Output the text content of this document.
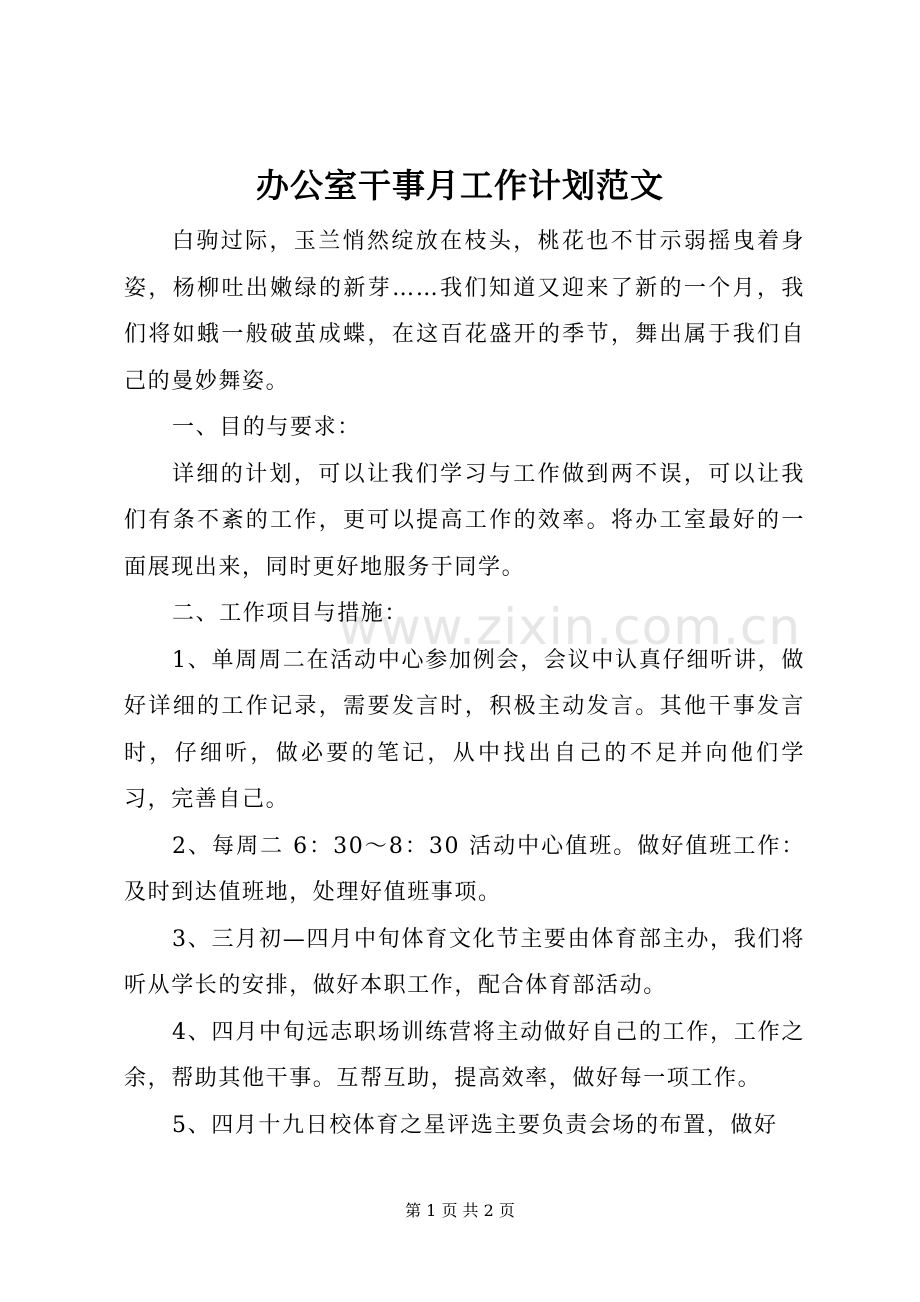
www.zixin.com.cn
办公室干事月工作计划范文

白驹过际，玉兰悄然绽放在枝头，桃花也不甘示弱摇曳着身姿，杨柳吐出嫩绿的新芽……我们知道又迎来了新的一个月，我们将如蛾一般破茧成蝶，在这百花盛开的季节，舞出属于我们自己的曼妙舞姿。

一、目的与要求：

详细的计划，可以让我们学习与工作做到两不误，可以让我们有条不紊的工作，更可以提高工作的效率。将办工室最好的一面展现出来，同时更好地服务于同学。

二、工作项目与措施：

1、单周周二在活动中心参加例会，会议中认真仔细听讲，做好详细的工作记录，需要发言时，积极主动发言。其他干事发言时，仔细听，做必要的笔记，从中找出自己的不足并向他们学习，完善自己。

2、每周二 6：30～8：30 活动中心值班。做好值班工作：及时到达值班地，处理好值班事项。

3、三月初—四月中旬体育文化节主要由体育部主办，我们将听从学长的安排，做好本职工作，配合体育部活动。

4、四月中旬远志职场训练营将主动做好自己的工作，工作之余，帮助其他干事。互帮互助，提高效率，做好每一项工作。

5、四月十九日校体育之星评选主要负责会场的布置，做好

第 1 页 共 2 页
